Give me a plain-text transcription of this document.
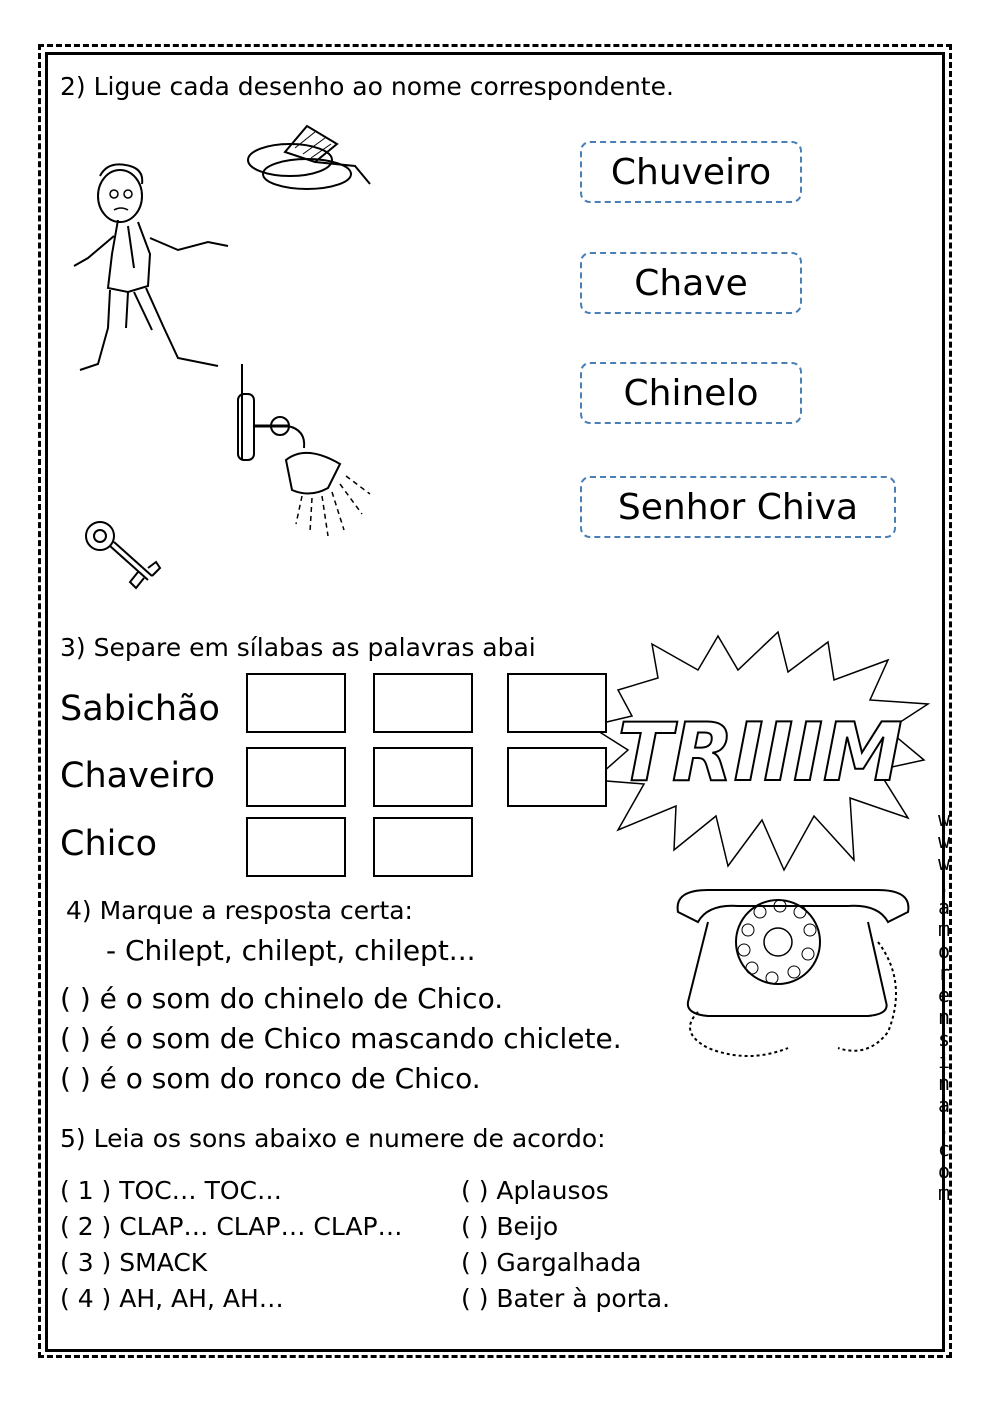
2) Ligue cada desenho ao nome correspondente.
Chuveiro
Chave
Chinelo
Senhor Chiva
3) Separe em sílabas as palavras abai
Sabichão
Chaveiro
Chico
TRIIIM
4) Marque a resposta certa:
- Chilept, chilept, chilept...
( ) é o som do chinelo de Chico.
( ) é o som de Chico mascando chiclete.
( ) é o som do ronco de Chico.
5) Leia os sons abaixo e numere de acordo:
( 1 ) TOC… TOC…
( 2 ) CLAP… CLAP… CLAP…
( 3 ) SMACK
( 4 ) AH, AH, AH…
( ) Aplausos
( ) Beijo
( ) Gargalhada
( ) Bater à porta.
w
w
w
.
a
m
o
r
e
n
s
i
n
a
.
c
o
m
